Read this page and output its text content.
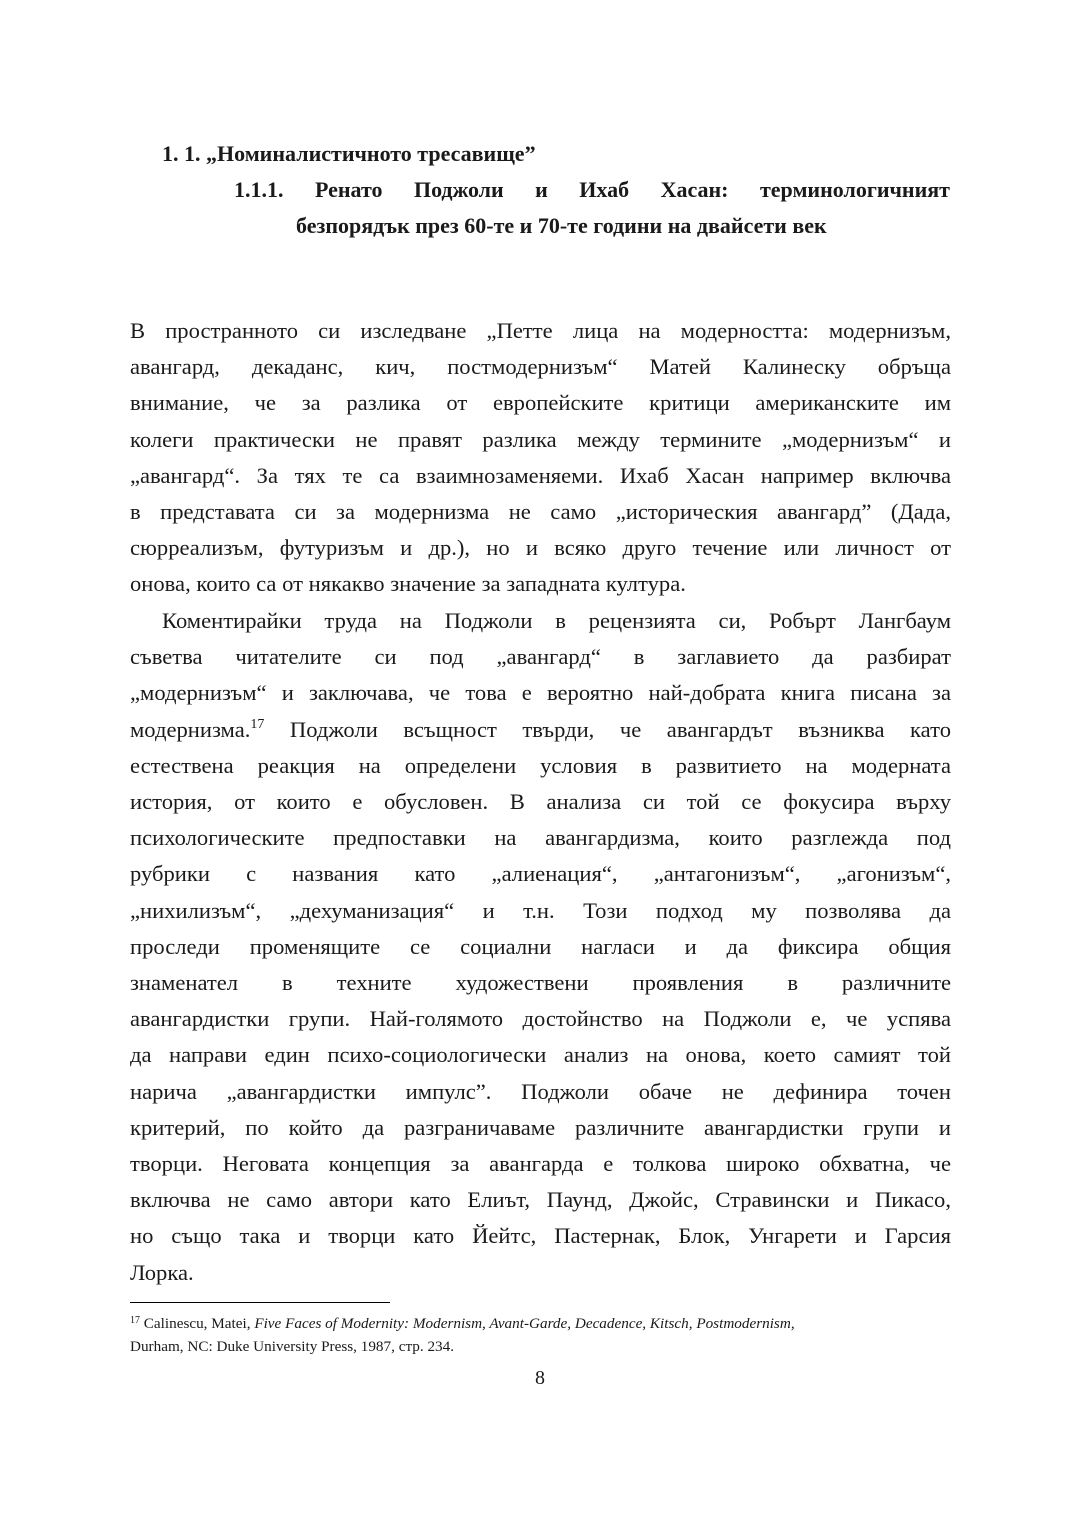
1. 1. „Номиналистичното тресавище”
1.1.1. Ренато Поджоли и Ихаб Хасан: терминологичният
безпорядък през 60-те и 70-те години на двайсети век
В пространното си изследване „Петте лица на модерността: модернизъм,
авангард, декаданс, кич, постмодернизъм“ Матей Калинеску обръща
внимание, че за разлика от европейските критици американските им
колеги практически не правят разлика между термините „модернизъм“ и
„авангард“. За тях те са взаимнозаменяеми. Ихаб Хасан например включва
в представата си за модернизма не само „историческия авангард” (Дада,
сюрреализъм, футуризъм и др.), но и всяко друго течение или личност от
онова, които са от някакво значение за западната култура.
Коментирайки труда на Поджоли в рецензията си, Робърт Лангбаум
съветва читателите си под „авангард“ в заглавието да разбират
„модернизъм“ и заключава, че това е вероятно най-добрата книга писана за
модернизма.$^{17}$ Поджоли всъщност твърди, че авангардът възниква като
естествена реакция на определени условия в развитието на модерната
история, от които е обусловен. В анализа си той се фокусира върху
психологическите предпоставки на авангардизма, които разглежда под
рубрики с названия като „алиенация“, „антагонизъм“, „агонизъм“,
„нихилизъм“, „дехуманизация“ и т.н. Този подход му позволява да
проследи променящите се социални нагласи и да фиксира общия
знаменател в техните художествени проявления в различните
авангардистки групи. Най-голямото достойнство на Поджоли е, че успява
да направи един психо-социологически анализ на онова, което самият той
нарича „авангардистки импулс”. Поджоли обаче не дефинира точен
критерий, по който да разграничаваме различните авангардистки групи и
творци. Неговата концепция за авангарда е толкова широко обхватна, че
включва не само автори като Елиът, Паунд, Джойс, Стравински и Пикасо,
но също така и творци като Йейтс, Пастернак, Блок, Унгарети и Гарсия
Лорка.
$^{17}$ Calinescu, Matei, Five Faces of Modernity: Modernism, Avant-Garde, Decadence, Kitsch, Postmodernism,
Durham, NC: Duke University Press, 1987, стр. 234.
8
